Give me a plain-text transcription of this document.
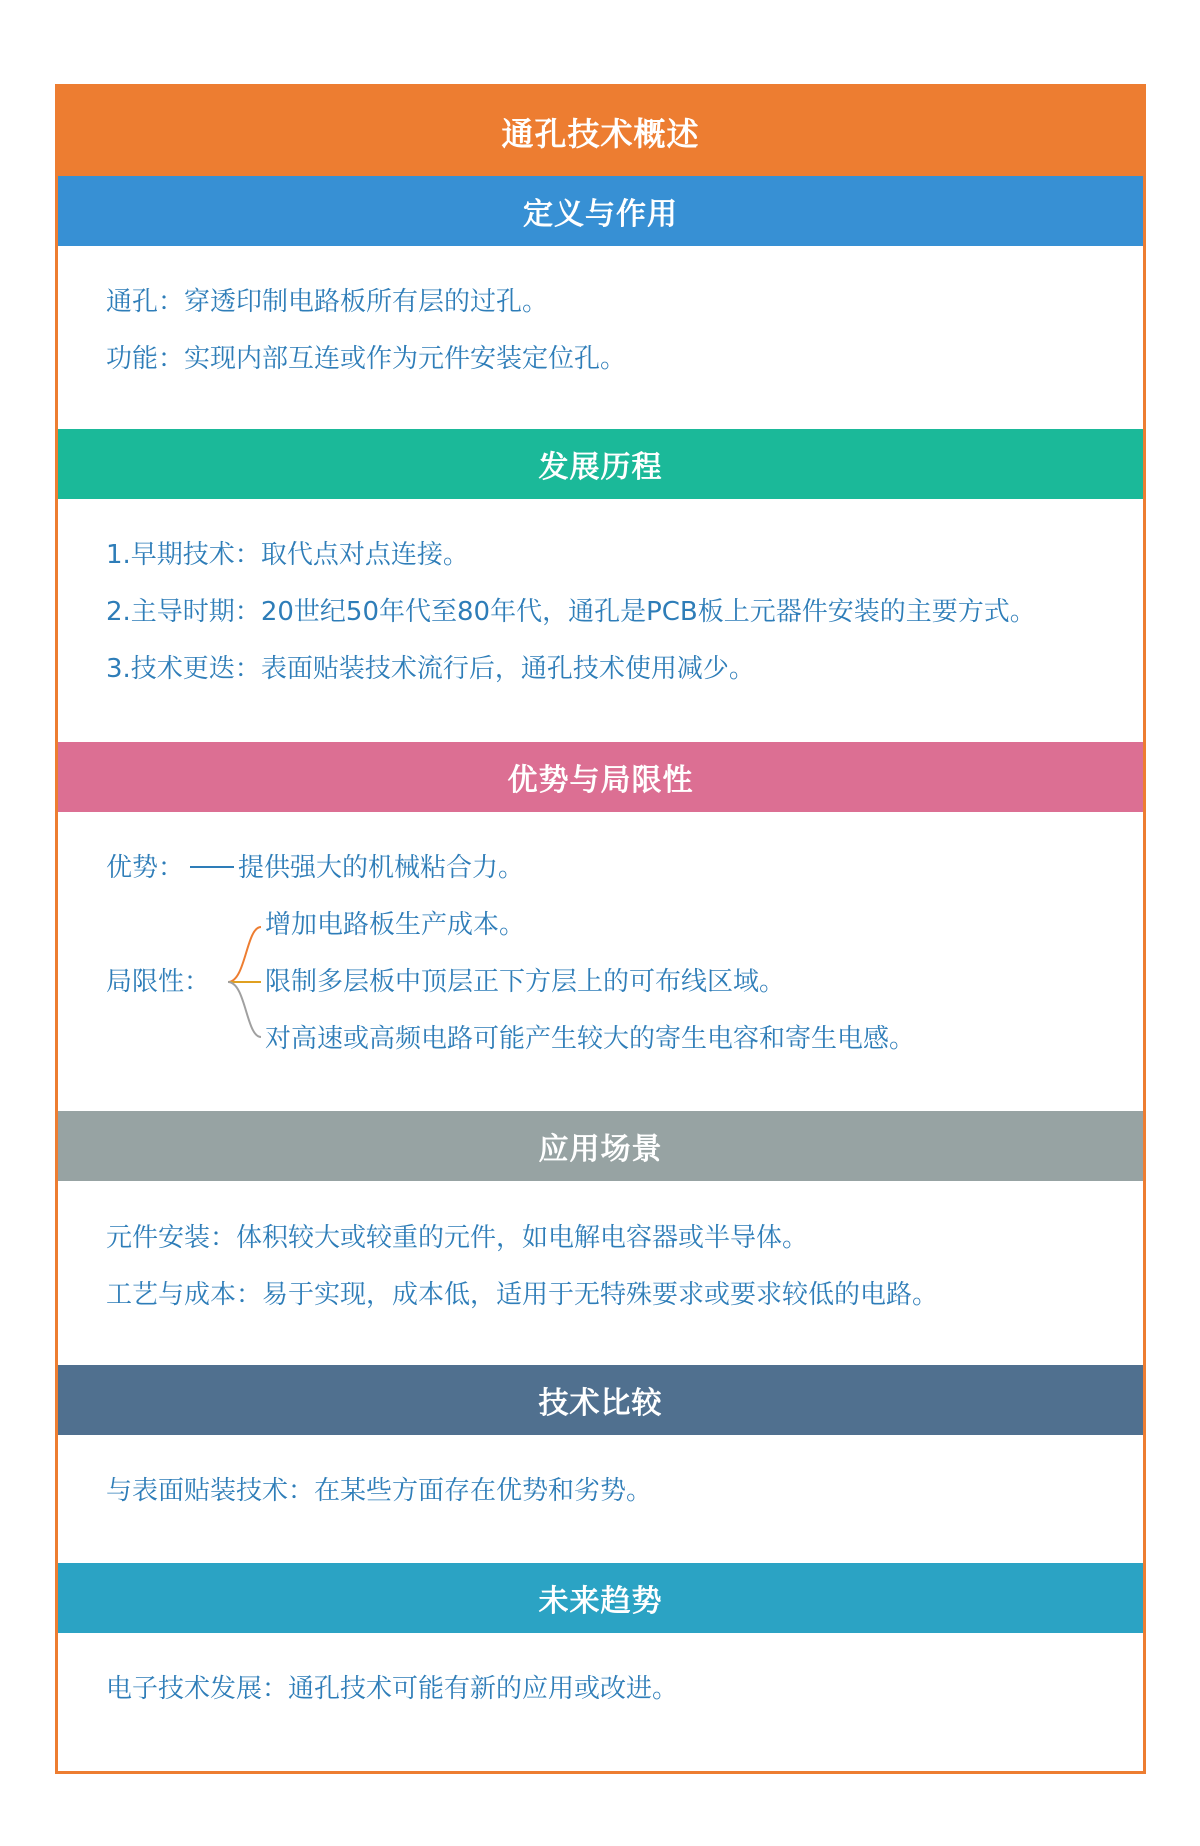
通孔技术概述
定义与作用
通孔：穿透印制电路板所有层的过孔。
功能：实现内部互连或作为元件安装定位孔。
发展历程
1.早期技术：取代点对点连接。
2.主导时期：20世纪50年代至80年代，通孔是PCB板上元器件安装的主要方式。
3.技术更迭：表面贴装技术流行后，通孔技术使用减少。
优势与局限性
优势： 提供强大的机械粘合力。
局限性：
增加电路板生产成本。
限制多层板中顶层正下方层上的可布线区域。
对高速或高频电路可能产生较大的寄生电容和寄生电感。
应用场景
元件安装：体积较大或较重的元件，如电解电容器或半导体。
工艺与成本：易于实现，成本低，适用于无特殊要求或要求较低的电路。
技术比较
与表面贴装技术：在某些方面存在优势和劣势。
未来趋势
电子技术发展：通孔技术可能有新的应用或改进。
